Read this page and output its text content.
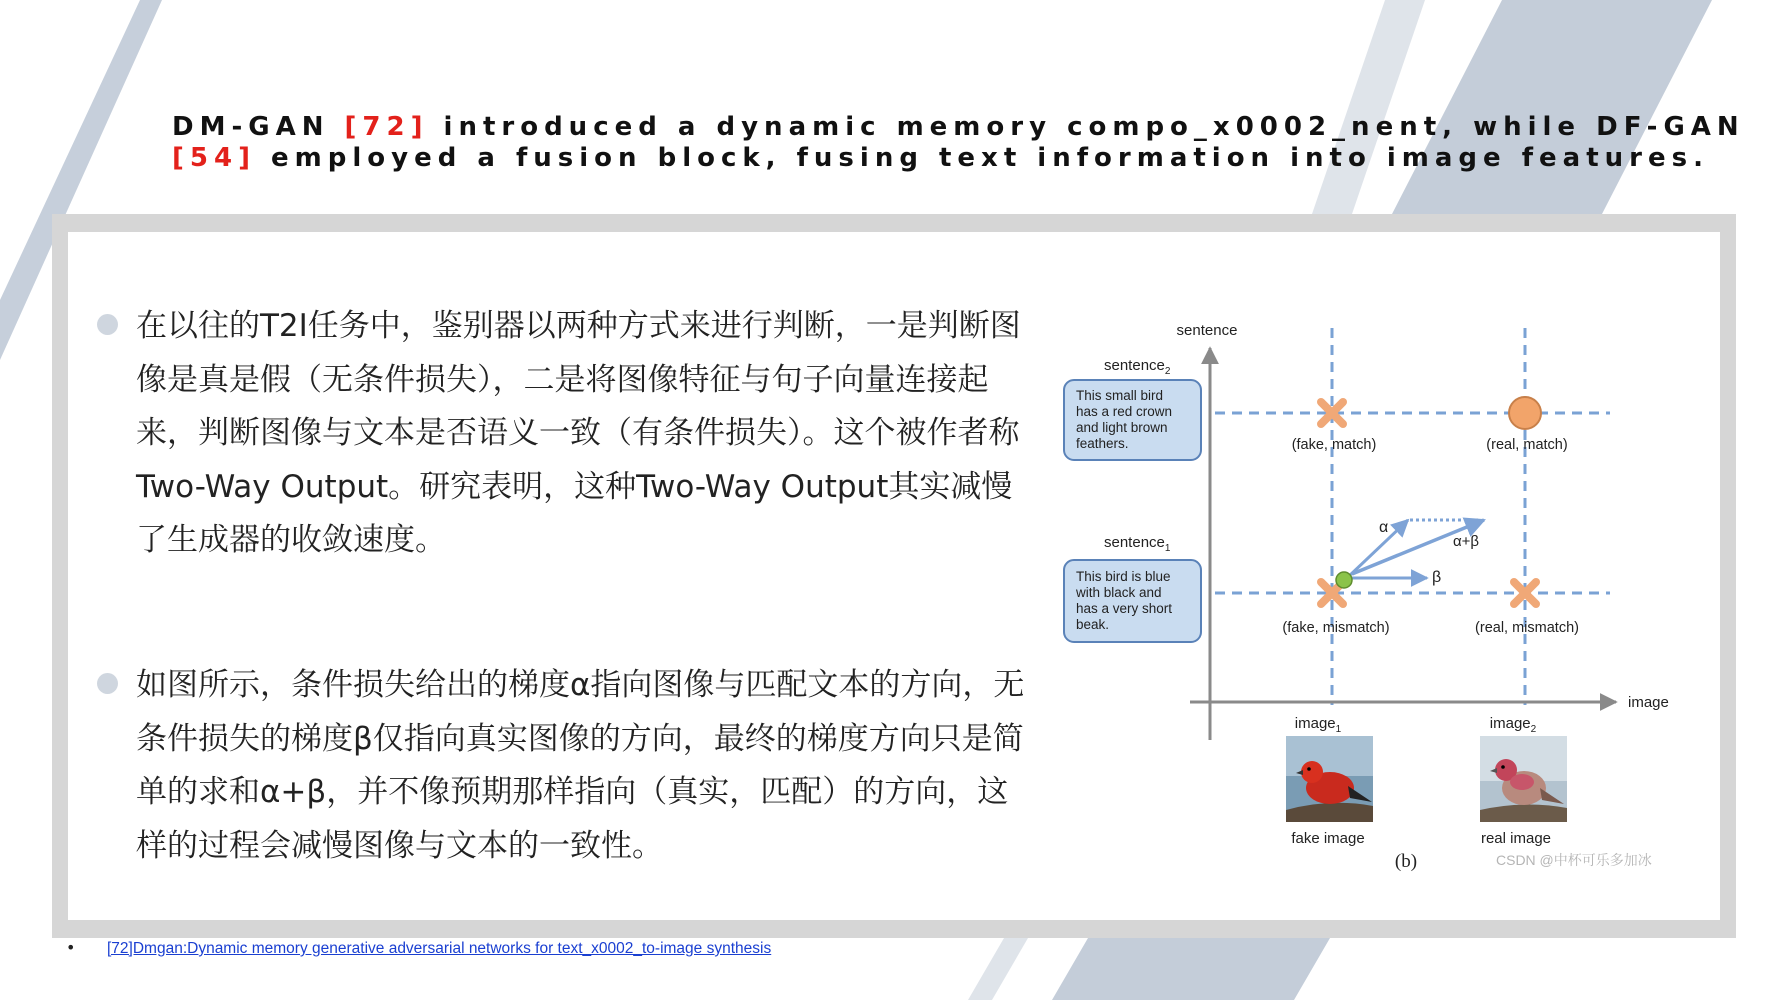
DM-GAN [72] introduced a dynamic memory compo_x0002_nent, while DF-GAN
[54] employed a fusion block, fusing text information into image features.
在以往的T2I任务中，鉴别器以两种方式来进行判断，一是判断图像是真是假（无条件损失），二是将图像特征与句子向量连接起来，判断图像与文本是否语义一致（有条件损失）。这个被作者称Two-Way Output。研究表明，这种Two-Way Output其实减慢了生成器的收敛速度。
如图所示，条件损失给出的梯度α指向图像与匹配文本的方向，无条件损失的梯度β仅指向真实图像的方向，最终的梯度方向只是简单的求和α+β，并不像预期那样指向（真实，匹配）的方向，这样的过程会减慢图像与文本的一致性。
sentence
image
sentence$_2$
This small bird has a red crown and light brown feathers.
sentence$_1$
This bird is blue with black and has a very short beak.
(fake, match)	(real, match)
(fake, mismatch)	(real, mismatch)
α
α+β
β
image$_1$	image$_2$
fake image	real image
(b)	CSDN @中杯可乐多加冰
• [72]Dmgan:Dynamic memory generative adversarial networks for text_x0002_to-image synthesis
